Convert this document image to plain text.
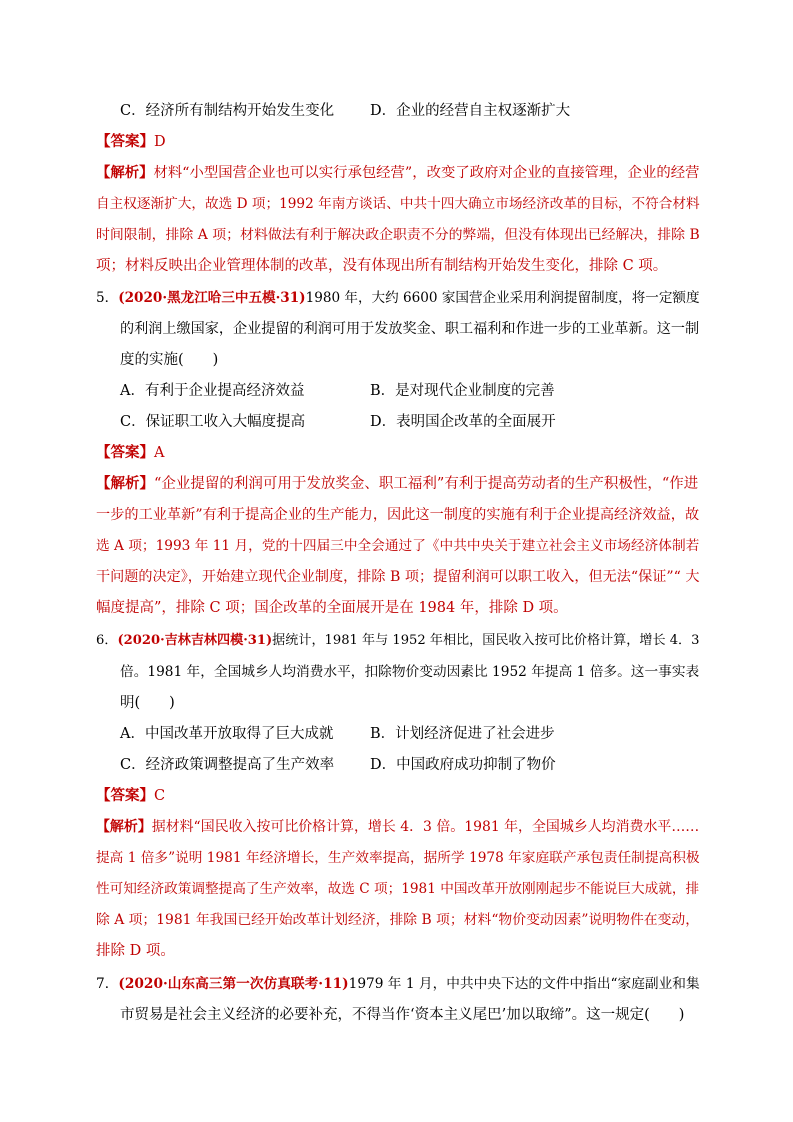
C．经济所有制结构开始发生变化 D．企业的经营自主权逐渐扩大
【答案】D
【解析】材料“小型国营企业也可以实行承包经营”，改变了政府对企业的直接管理，企业的经营
自主权逐渐扩大，故选 D 项；1992 年南方谈话、中共十四大确立市场经济改革的目标，不符合材料
时间限制，排除 A 项；材料做法有利于解决政企职责不分的弊端，但没有体现出已经解决，排除 B
项；材料反映出企业管理体制的改革，没有体现出所有制结构开始发生变化，排除 C 项。
5．(2020·黑龙江哈三中五模·31)1980 年，大约 6600 家国营企业采用利润提留制度，将一定额度
的利润上缴国家，企业提留的利润可用于发放奖金、职工福利和作进一步的工业革新。这一制
度的实施(　　)
A．有利于企业提高经济效益	B．是对现代企业制度的完善
C．保证职工收入大幅度提高	D．表明国企改革的全面展开
【答案】A
【解析】“企业提留的利润可用于发放奖金、职工福利”有利于提高劳动者的生产积极性，“作进
一步的工业革新”有利于提高企业的生产能力，因此这一制度的实施有利于企业提高经济效益，故
选 A 项；1993 年 11 月，党的十四届三中全会通过了《中共中央关于建立社会主义市场经济体制若
干问题的决定》，开始建立现代企业制度，排除 B 项；提留利润可以职工收入，但无法“保证”“ 大
幅度提高”，排除 C 项；国企改革的全面展开是在 1984 年，排除 D 项。
6．(2020·吉林吉林四模·31)据统计，1981 年与 1952 年相比，国民收入按可比价格计算，增长 4．3
倍。1981 年，全国城乡人均消费水平，扣除物价变动因素比 1952 年提高 1 倍多。这一事实表
明(　　)
A．中国改革开放取得了巨大成就	B．计划经济促进了社会进步
C．经济政策调整提高了生产效率 D．中国政府成功抑制了物价
【答案】C
【解析】据材料“国民收入按可比价格计算，增长 4．3 倍。1981 年，全国城乡人均消费水平……
提高 1 倍多”说明 1981 年经济增长，生产效率提高，据所学 1978 年家庭联产承包责任制提高积极
性可知经济政策调整提高了生产效率，故选 C 项；1981 中国改革开放刚刚起步不能说巨大成就，排
除 A 项；1981 年我国已经开始改革计划经济，排除 B 项；材料“物价变动因素”说明物件在变动，
排除 D 项。
7．(2020·山东高三第一次仿真联考·11)1979 年 1 月，中共中央下达的文件中指出“家庭副业和集
市贸易是社会主义经济的必要补充，不得当作‘资本主义尾巴’加以取缔”。这一规定(　　)
